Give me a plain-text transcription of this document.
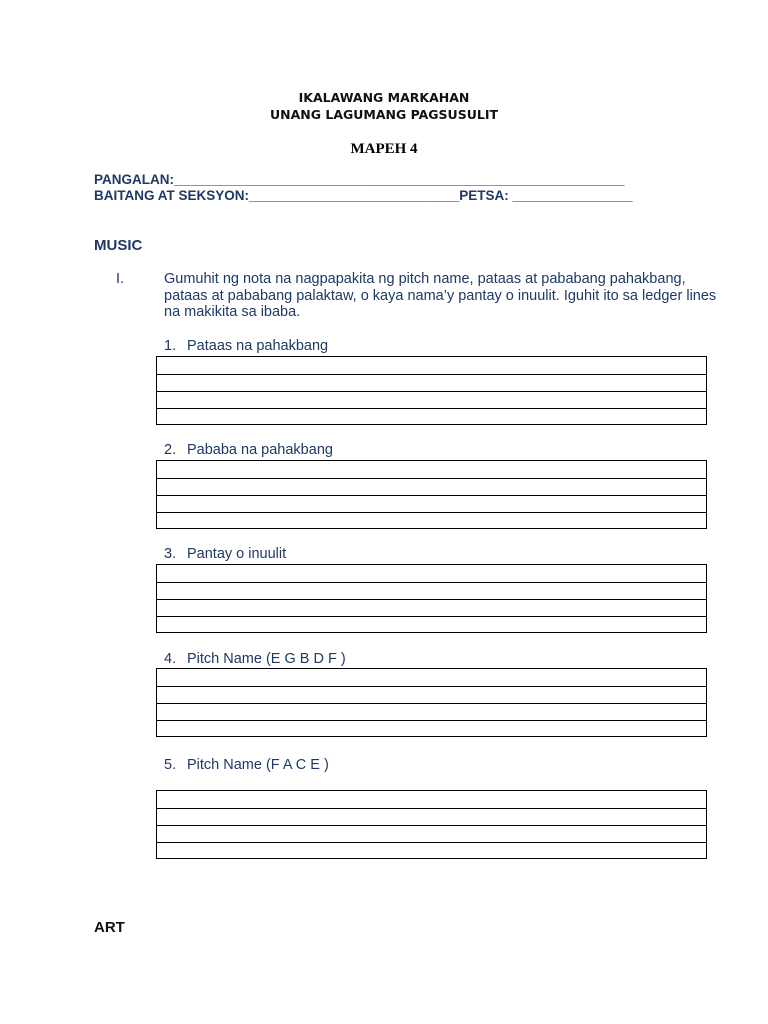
IKALAWANG MARKAHAN
UNANG LAGUMANG PAGSUSULIT
MAPEH 4
PANGALAN:____________________________________________________________
BAITANG AT SEKSYON:____________________________PETSA: ________________
MUSIC
I.	Gumuhit ng nota na nagpapakita ng pitch name, pataas at pababang pahakbang, pataas at pababang palaktaw, o kaya nama’y pantay o inuulit. Iguhit ito sa ledger lines na makikita sa ibaba.
1. Pataas na pahakbang
2. Pababa na pahakbang
3. Pantay o inuulit
4. Pitch Name (E G B D F )
5. Pitch Name (F A C E )
ART
